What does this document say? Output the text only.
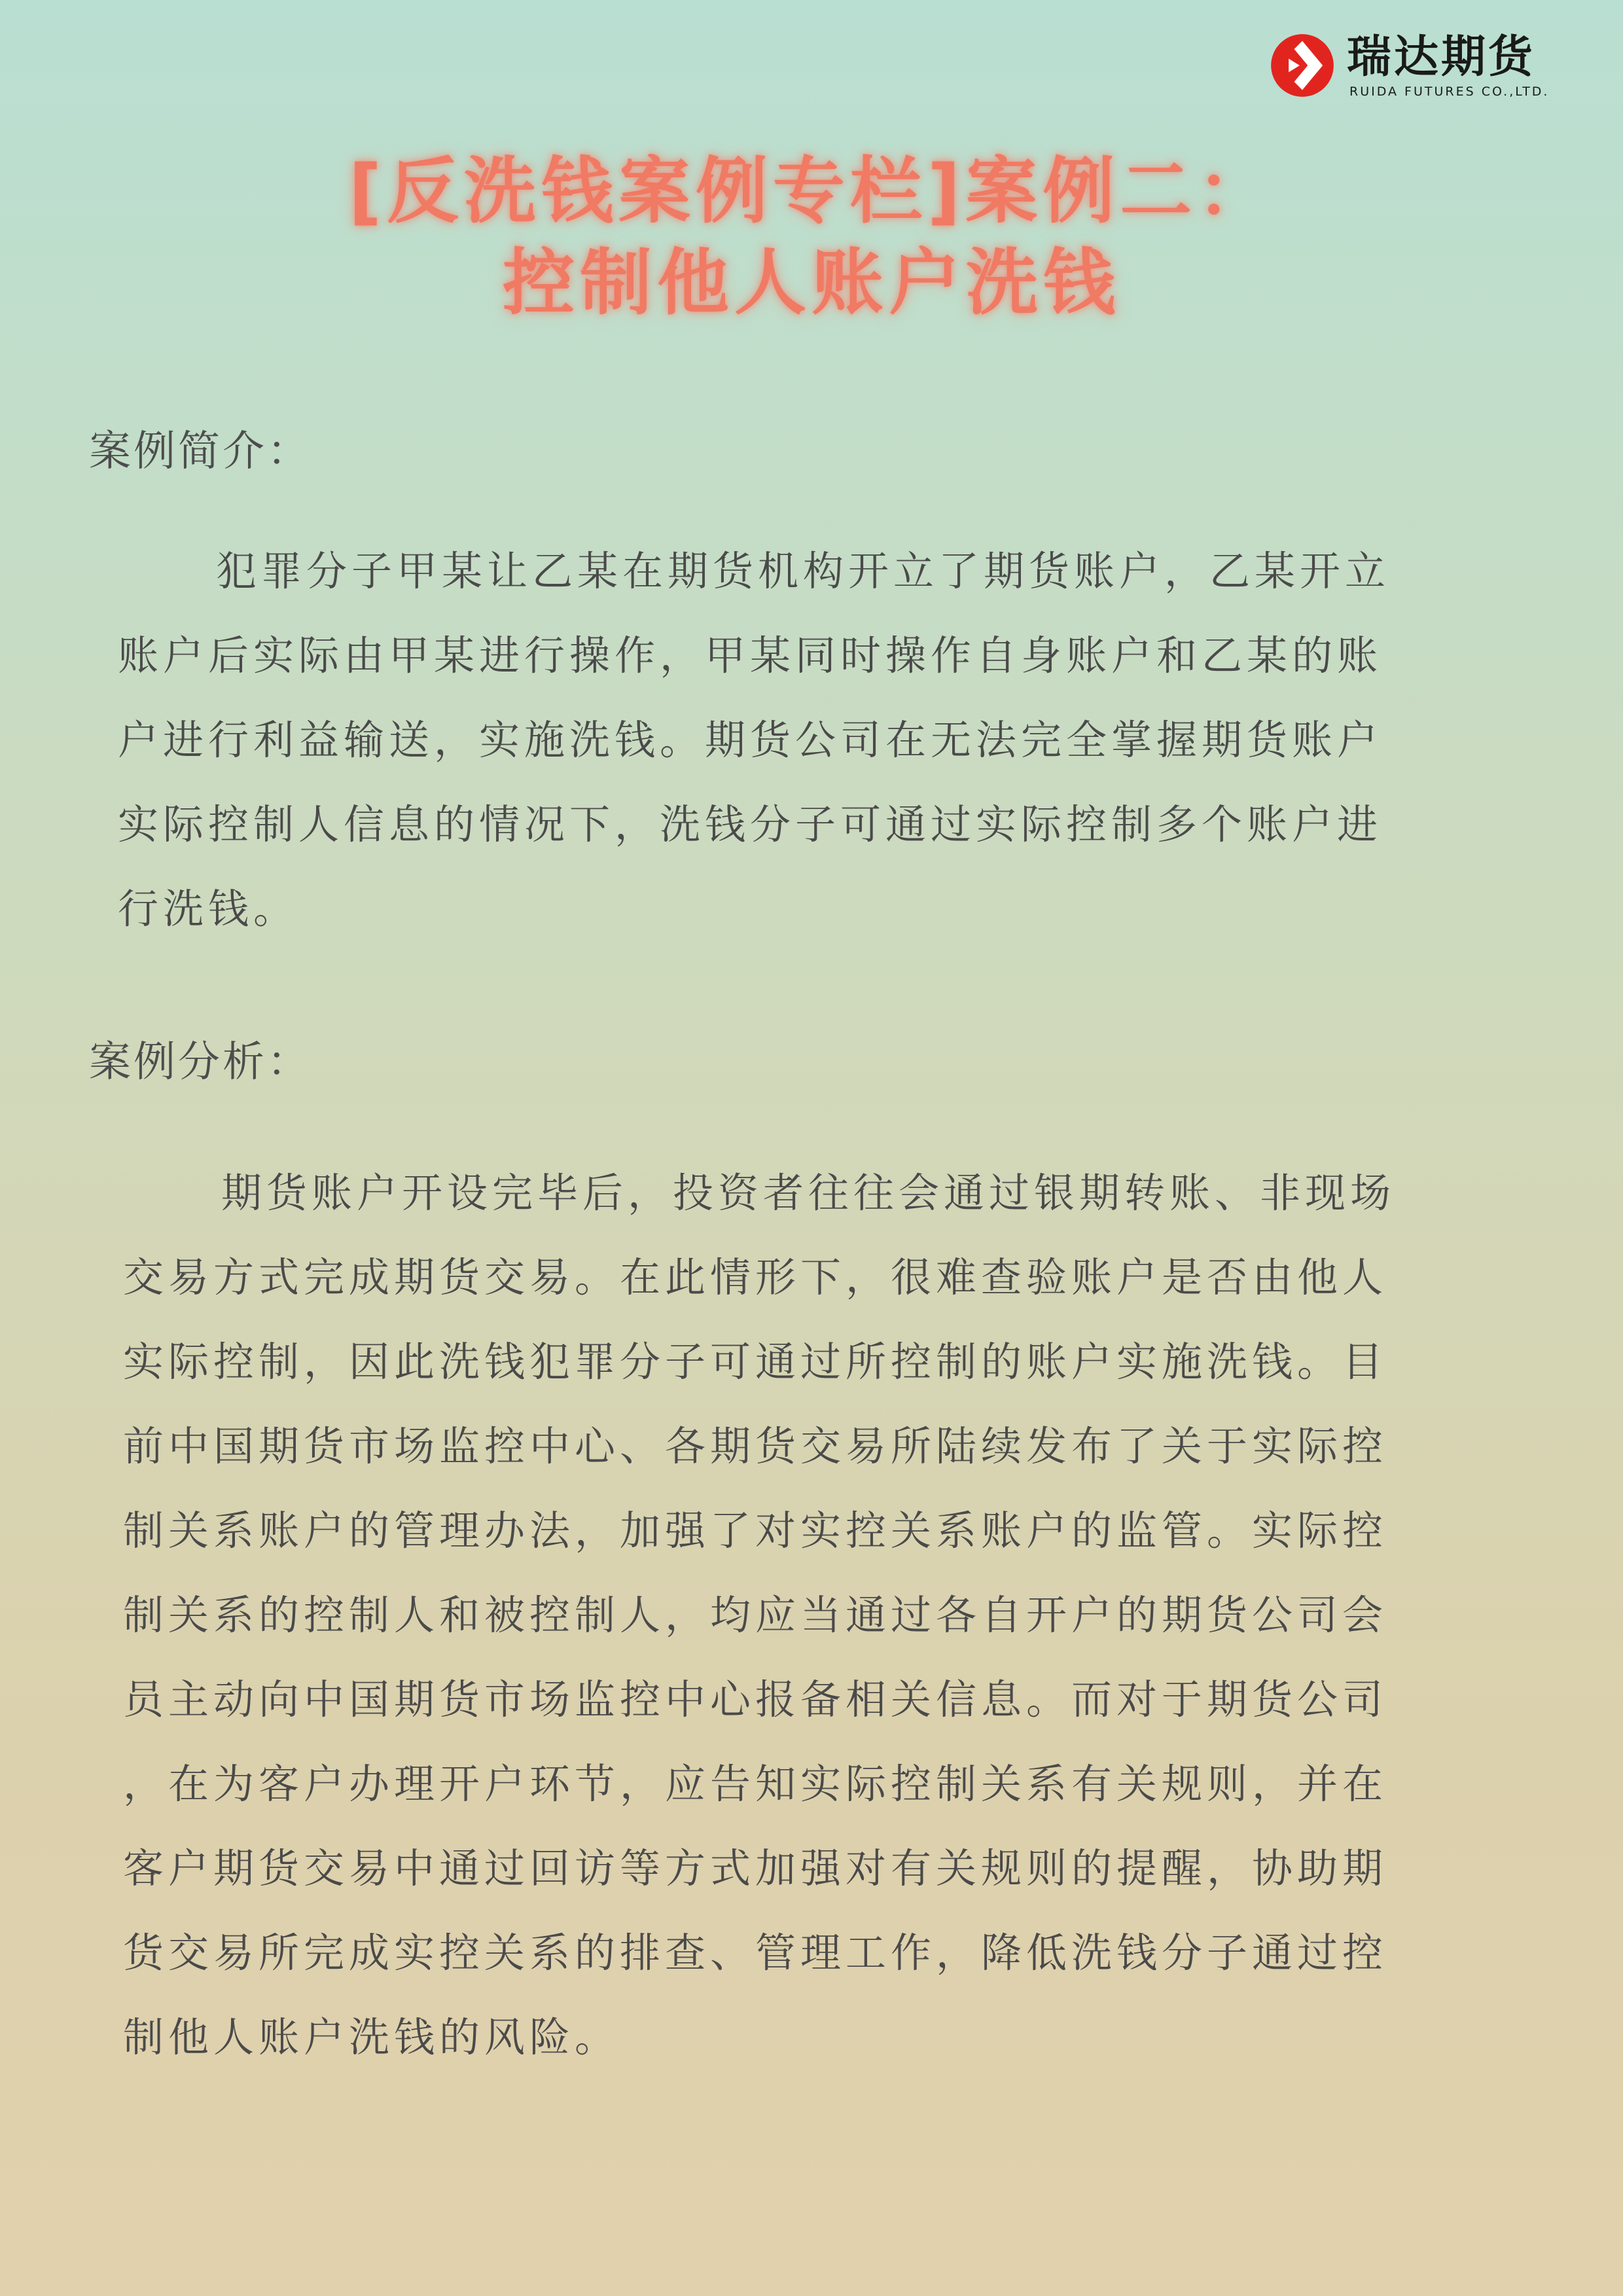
瑞达期货
RUIDA FUTURES CO.,LTD.
[反洗钱案例专栏]案例二：
控制他人账户洗钱
案例简介：
犯罪分子甲某让乙某在期货机构开立了期货账户，乙某开立
账户后实际由甲某进行操作，甲某同时操作自身账户和乙某的账
户进行利益输送，实施洗钱。期货公司在无法完全掌握期货账户
实际控制人信息的情况下，洗钱分子可通过实际控制多个账户进
行洗钱。
案例分析：
期货账户开设完毕后，投资者往往会通过银期转账、非现场
交易方式完成期货交易。在此情形下，很难查验账户是否由他人
实际控制，因此洗钱犯罪分子可通过所控制的账户实施洗钱。目
前中国期货市场监控中心、各期货交易所陆续发布了关于实际控
制关系账户的管理办法，加强了对实控关系账户的监管。实际控
制关系的控制人和被控制人，均应当通过各自开户的期货公司会
员主动向中国期货市场监控中心报备相关信息。而对于期货公司
，在为客户办理开户环节，应告知实际控制关系有关规则，并在
客户期货交易中通过回访等方式加强对有关规则的提醒，协助期
货交易所完成实控关系的排查、管理工作，降低洗钱分子通过控
制他人账户洗钱的风险。
